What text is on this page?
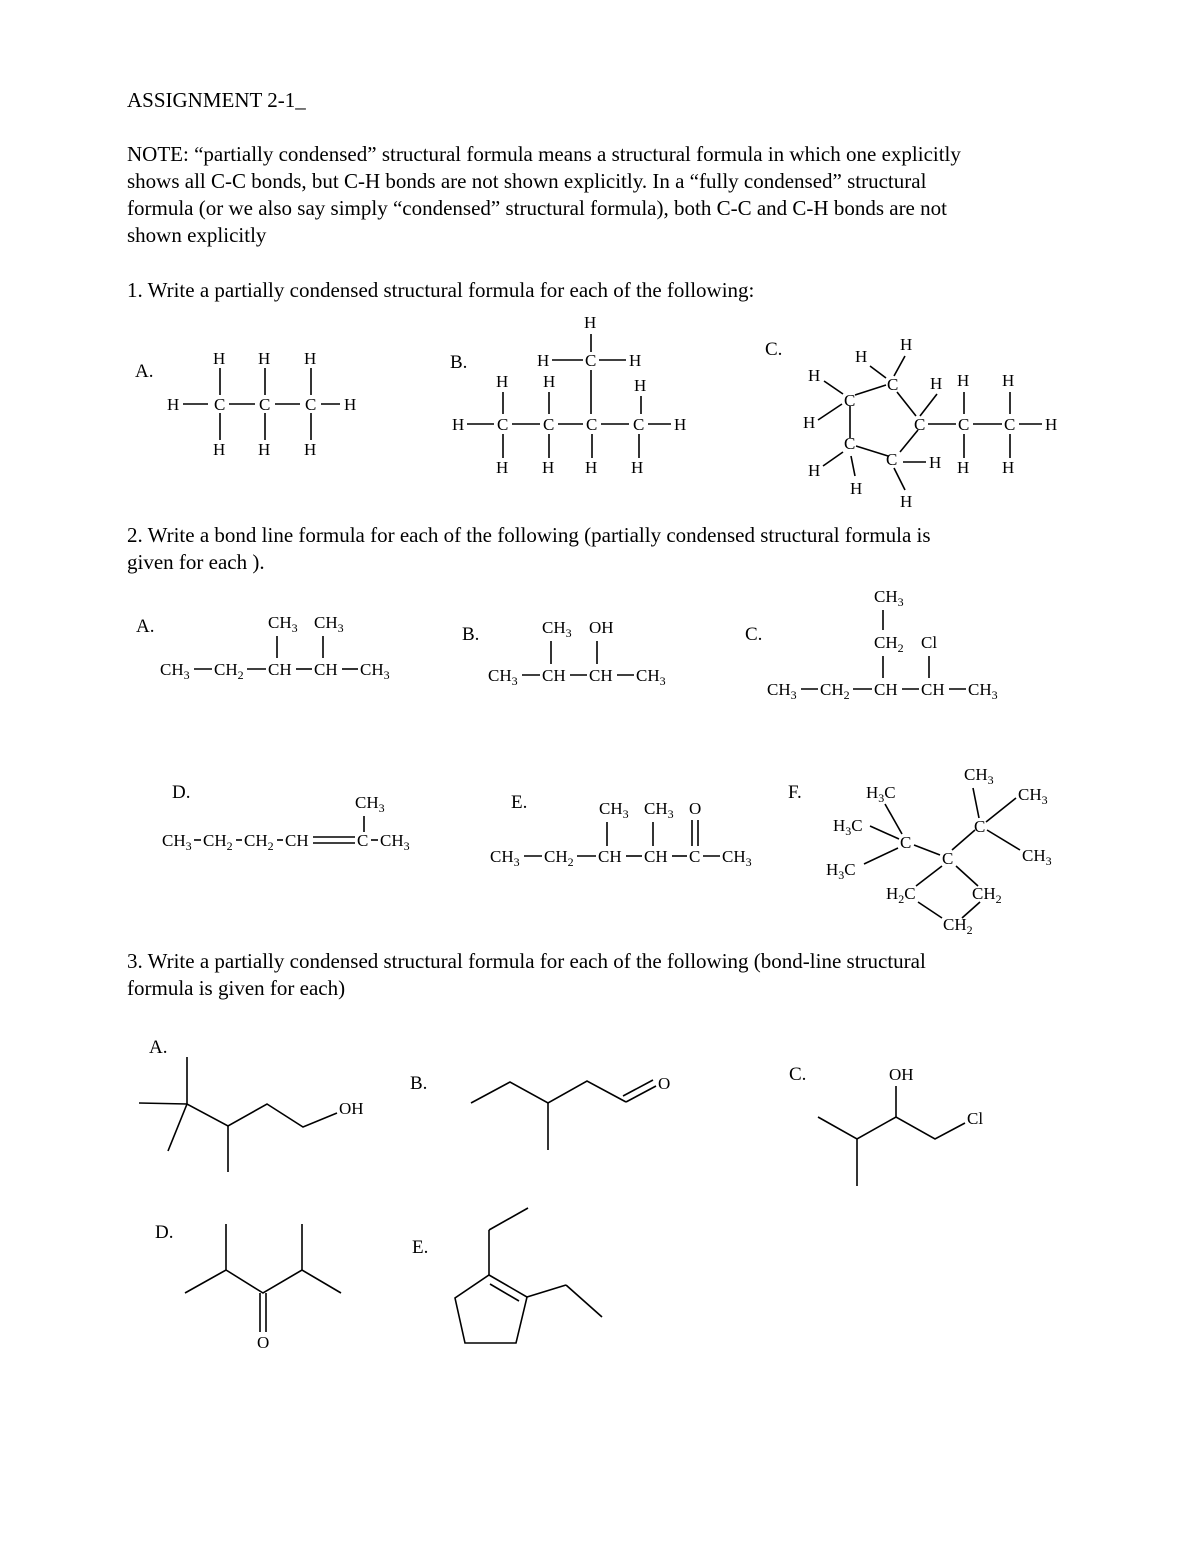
ASSIGNMENT 2-1_
NOTE: “partially condensed” structural formula means a structural formula in which one explicitly
shows all C-C bonds, but C-H bonds are not shown explicitly. In a “fully condensed” structural
formula (or we also say simply “condensed” structural formula), both C-C and C-H bonds are not
shown explicitly
1. Write a partially condensed structural formula for each of the following:
2. Write a bond line formula for each of the following (partially condensed structural formula is
given for each ).
3. Write a partially condensed structural formula for each of the following (bond-line structural
formula is given for each)
A.
H C C C H
H H H
H H H
B.
H
H C H
H H	H
H C C C C H
H H H H
C.
C
C
C
C
C
H
H
H
H
H
H
H
H
C C H
H H H
H H
A.	$CH_3$ $CH_3$
$CH_3$ $CH_2$ CH CH $CH_3$
B.	$CH_3$ OH
$CH_3$ CH CH $CH_3$
C.
$CH_3$
$CH_2$ Cl
$CH_3$ $CH_2$ CH CH $CH_3$
D.	$CH_3$
$CH_3$ $CH_2$ $CH_2$ CH	C $CH_3$
E.	$CH_3$ $CH_3$ O
$CH_3$ $CH_2$ CH CH C $CH_3$
F.	$H_3C$
$H_3C$
$H_3C$
C
C
C
$CH_3$
$CH_3$
$CH_3$
$H_2C$	$CH_2$
$CH_2$
A.
OH
B.	O	C.	OH
Cl
D.
O
E.
